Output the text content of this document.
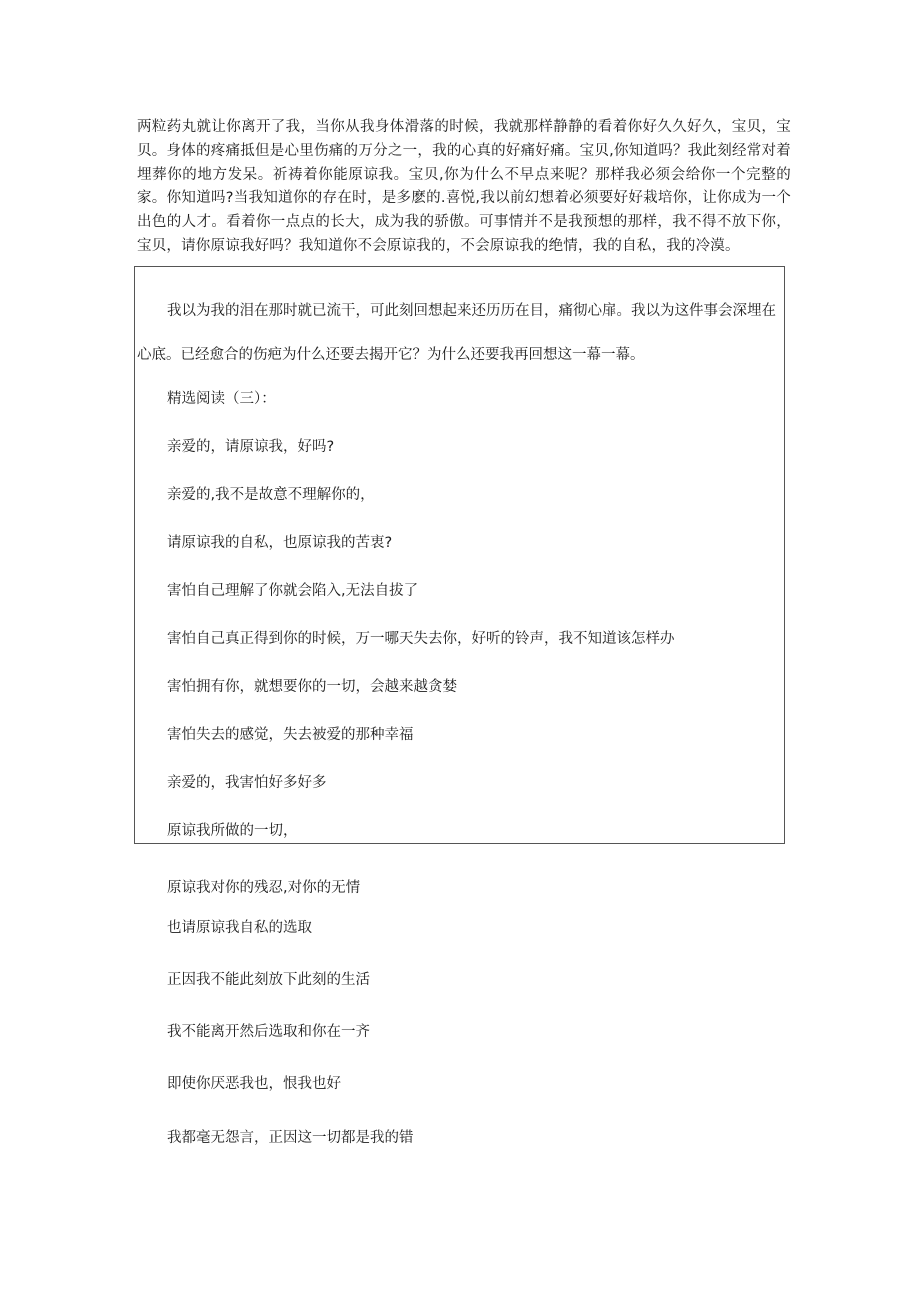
两粒药丸就让你离开了我，当你从我身体滑落的时候，我就那样静静的看着你好久久好久，宝贝，宝贝。身体的疼痛抵但是心里伤痛的万分之一，我的心真的好痛好痛。宝贝,你知道吗？我此刻经常对着埋葬你的地方发呆。祈祷着你能原谅我。宝贝,你为什么不早点来呢？那样我必须会给你一个完整的家。你知道吗?当我知道你的存在时，是多麽的.喜悦,我以前幻想着必须要好好栽培你，让你成为一个出色的人才。看着你一点点的长大，成为我的骄傲。可事情并不是我预想的那样，我不得不放下你，宝贝，请你原谅我好吗？我知道你不会原谅我的，不会原谅我的绝情，我的自私，我的冷漠。

我以为我的泪在那时就已流干，可此刻回想起来还历历在目，痛彻心扉。我以为这件事会深埋在心底。已经愈合的伤疤为什么还要去揭开它？为什么还要我再回想这一幕一幕。

精选阅读（三）：

亲爱的，请原谅我，好吗?

亲爱的,我不是故意不理解你的，

请原谅我的自私，也原谅我的苦衷?

害怕自己理解了你就会陷入,无法自拔了

害怕自己真正得到你的时候，万一哪天失去你，好听的铃声，我不知道该怎样办

害怕拥有你，就想要你的一切，会越来越贪婪

害怕失去的感觉，失去被爱的那种幸福

亲爱的，我害怕好多好多

原谅我所做的一切，

原谅我对你的残忍,对你的无情

也请原谅我自私的选取

正因我不能此刻放下此刻的生活

我不能离开然后选取和你在一齐

即使你厌恶我也，恨我也好

我都毫无怨言，正因这一切都是我的错
